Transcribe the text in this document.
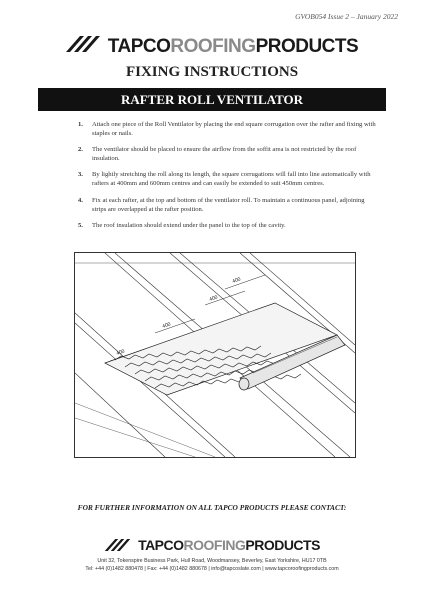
GVOB054 Issue 2 – January 2022
TAPCOROOFINGPRODUCTS
FIXING INSTRUCTIONS
RAFTER ROLL VENTILATOR
1. Attach one piece of the Roll Ventilator by placing the end square corrugation over the rafter and fixing with staples or nails.
2. The ventilator should be placed to ensure the airflow from the soffit area is not restricted by the roof insulation.
3. By lightly stretching the roll along its length, the square corrugations will fall into line automatically with rafters at 400mm and 600mm centres and can easily be extended to suit 450mm centres.
4. Fix at each rafter, at the top and bottom of the ventilator roll. To maintain a continuous panel, adjoining strips are overlapped at the rafter position.
5. The roof insulation should extend under the panel to the top of the cavity.
400
400
400
400
FOR FURTHER INFORMATION ON ALL TAPCO PRODUCTS PLEASE CONTACT:
TAPCOROOFINGPRODUCTS
Unit 32, Tokenspire Business Park, Hull Road, Woodmansey, Beverley, East Yorkshire, HU17 0TB
Tel: +44 (0)1482 880478 | Fax: +44 (0)1482 880678 | info@tapcoslate.com | www.tapcoroofingproducts.com
